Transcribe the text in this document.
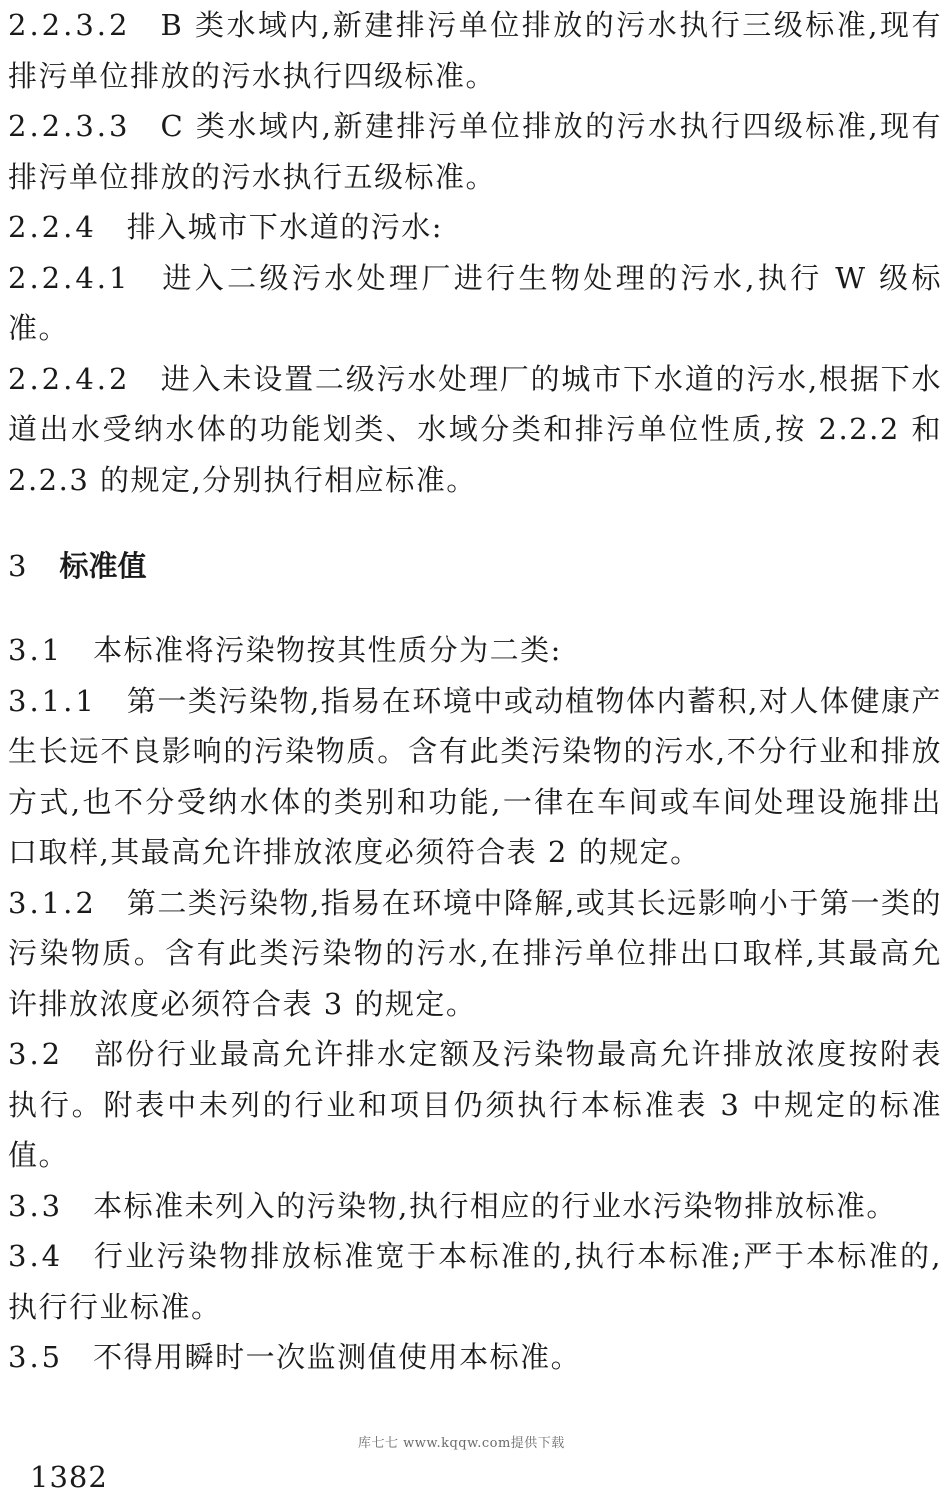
2.2.3.2 B 类水域内,新建排污单位排放的污水执行三级标准,现有排污单位排放的污水执行四级标准。

2.2.3.3 C 类水域内,新建排污单位排放的污水执行四级标准,现有排污单位排放的污水执行五级标准。

2.2.4 排入城市下水道的污水:

2.2.4.1 进入二级污水处理厂进行生物处理的污水,执行 W 级标准。

2.2.4.2 进入未设置二级污水处理厂的城市下水道的污水,根据下水道出水受纳水体的功能划类、水域分类和排污单位性质,按 2.2.2 和 2.2.3 的规定,分别执行相应标准。

3 标准值

3.1 本标准将污染物按其性质分为二类:

3.1.1 第一类污染物,指易在环境中或动植物体内蓄积,对人体健康产生长远不良影响的污染物质。含有此类污染物的污水,不分行业和排放方式,也不分受纳水体的类别和功能,一律在车间或车间处理设施排出口取样,其最高允许排放浓度必须符合表 2 的规定。

3.1.2 第二类污染物,指易在环境中降解,或其长远影响小于第一类的污染物质。含有此类污染物的污水,在排污单位排出口取样,其最高允许排放浓度必须符合表 3 的规定。

3.2 部份行业最高允许排水定额及污染物最高允许排放浓度按附表执行。附表中未列的行业和项目仍须执行本标准表 3 中规定的标准值。

3.3 本标准未列入的污染物,执行相应的行业水污染物排放标准。

3.4 行业污染物排放标准宽于本标准的,执行本标准;严于本标准的,执行行业标准。

3.5 不得用瞬时一次监测值使用本标准。

库七七 www.kqqw.com提供下载
1382
